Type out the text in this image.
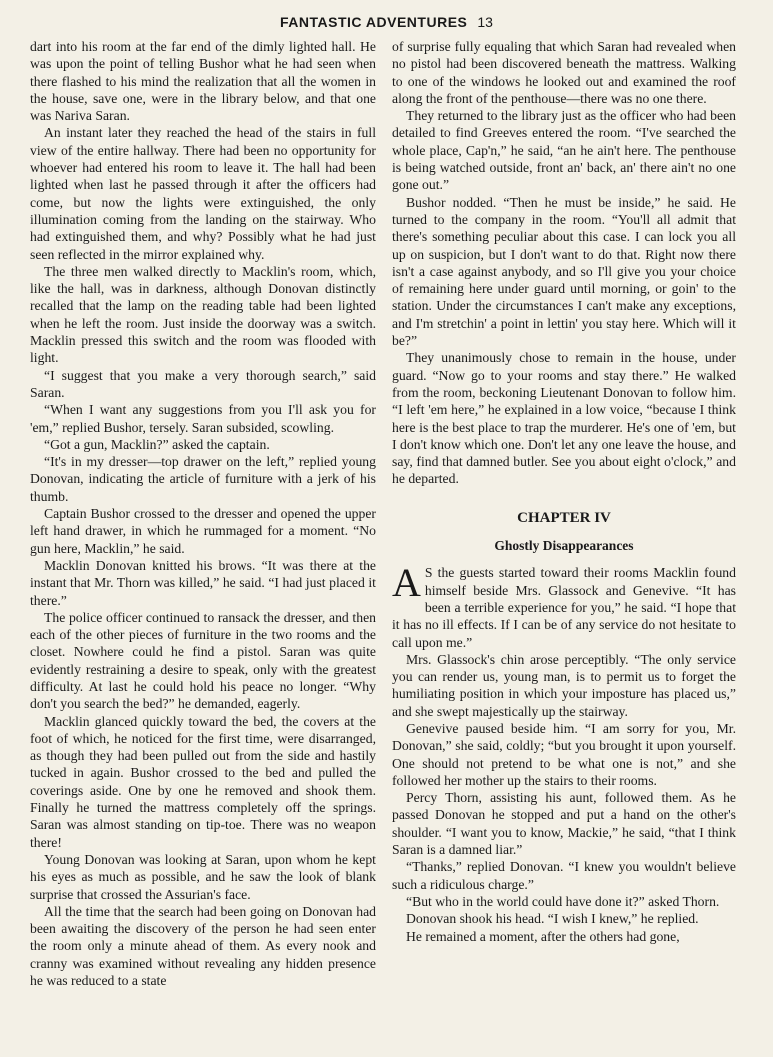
FANTASTIC ADVENTURES 13

dart into his room at the far end of the dimly lighted hall. He was upon the point of telling Bushor what he had seen when there flashed to his mind the realization that all the women in the house, save one, were in the library below, and that one was Nariva Saran.

An instant later they reached the head of the stairs in full view of the entire hallway. There had been no opportunity for whoever had entered his room to leave it. The hall had been lighted when last he passed through it after the officers had come, but now the lights were extinguished, the only illumination coming from the landing on the stairway. Who had extinguished them, and why? Possibly what he had just seen reflected in the mirror explained why.

The three men walked directly to Macklin's room, which, like the hall, was in darkness, although Donovan distinctly recalled that the lamp on the reading table had been lighted when he left the room. Just inside the doorway was a switch. Macklin pressed this switch and the room was flooded with light.

“I suggest that you make a very thorough search,” said Saran.

“When I want any suggestions from you I'll ask you for 'em,” replied Bushor, tersely. Saran subsided, scowling.

“Got a gun, Macklin?” asked the captain.

“It's in my dresser—top drawer on the left,” replied young Donovan, indicating the article of furniture with a jerk of his thumb.

Captain Bushor crossed to the dresser and opened the upper left hand drawer, in which he rummaged for a moment. “No gun here, Macklin,” he said.

Macklin Donovan knitted his brows. “It was there at the instant that Mr. Thorn was killed,” he said. “I had just placed it there.”

The police officer continued to ransack the dresser, and then each of the other pieces of furniture in the two rooms and the closet. Nowhere could he find a pistol. Saran was quite evidently restraining a desire to speak, only with the greatest difficulty. At last he could hold his peace no longer. “Why don't you search the bed?” he demanded, eagerly.

Macklin glanced quickly toward the bed, the covers at the foot of which, he noticed for the first time, were disarranged, as though they had been pulled out from the side and hastily tucked in again. Bushor crossed to the bed and pulled the coverings aside. One by one he removed and shook them. Finally he turned the mattress completely off the springs. Saran was almost standing on tip-toe. There was no weapon there!

Young Donovan was looking at Saran, upon whom he kept his eyes as much as possible, and he saw the look of blank surprise that crossed the Assurian's face.

All the time that the search had been going on Donovan had been awaiting the discovery of the person he had seen enter the room only a minute ahead of them. As every nook and cranny was examined without revealing any hidden presence he was reduced to a state

of surprise fully equaling that which Saran had revealed when no pistol had been discovered beneath the mattress. Walking to one of the windows he looked out and examined the roof along the front of the penthouse—there was no one there.

They returned to the library just as the officer who had been detailed to find Greeves entered the room. “I've searched the whole place, Cap'n,” he said, “an he ain't here. The penthouse is being watched outside, front an' back, an' there ain't no one gone out.”

Bushor nodded. “Then he must be inside,” he said. He turned to the company in the room. “You'll all admit that there's something peculiar about this case. I can lock you all up on suspicion, but I don't want to do that. Right now there isn't a case against anybody, and so I'll give you your choice of remaining here under guard until morning, or goin' to the station. Under the circumstances I can't make any exceptions, and I'm stretchin' a point in lettin' you stay here. Which will it be?”

They unanimously chose to remain in the house, under guard. “Now go to your rooms and stay there.” He walked from the room, beckoning Lieutenant Donovan to follow him. “I left 'em here,” he explained in a low voice, “because I think here is the best place to trap the murderer. He's one of 'em, but I don't know which one. Don't let any one leave the house, and say, find that damned butler. See you about eight o'clock,” and he departed.

CHAPTER IV
Ghostly Disappearances

A S the guests started toward their rooms Macklin found himself beside Mrs. Glassock and Genevive. “It has been a terrible experience for you,” he said. “I hope that it has no ill effects. If I can be of any service do not hesitate to call upon me.”

Mrs. Glassock's chin arose perceptibly. “The only service you can render us, young man, is to permit us to forget the humiliating position in which your imposture has placed us,” and she swept majestically up the stairway.

Genevive paused beside him. “I am sorry for you, Mr. Donovan,” she said, coldly; “but you brought it upon yourself. One should not pretend to be what one is not,” and she followed her mother up the stairs to their rooms.

Percy Thorn, assisting his aunt, followed them. As he passed Donovan he stopped and put a hand on the other's shoulder. “I want you to know, Mackie,” he said, “that I think Saran is a damned liar.”

“Thanks,” replied Donovan. “I knew you wouldn't believe such a ridiculous charge.”

“But who in the world could have done it?” asked Thorn.

Donovan shook his head. “I wish I knew,” he replied.

He remained a moment, after the others had gone,
